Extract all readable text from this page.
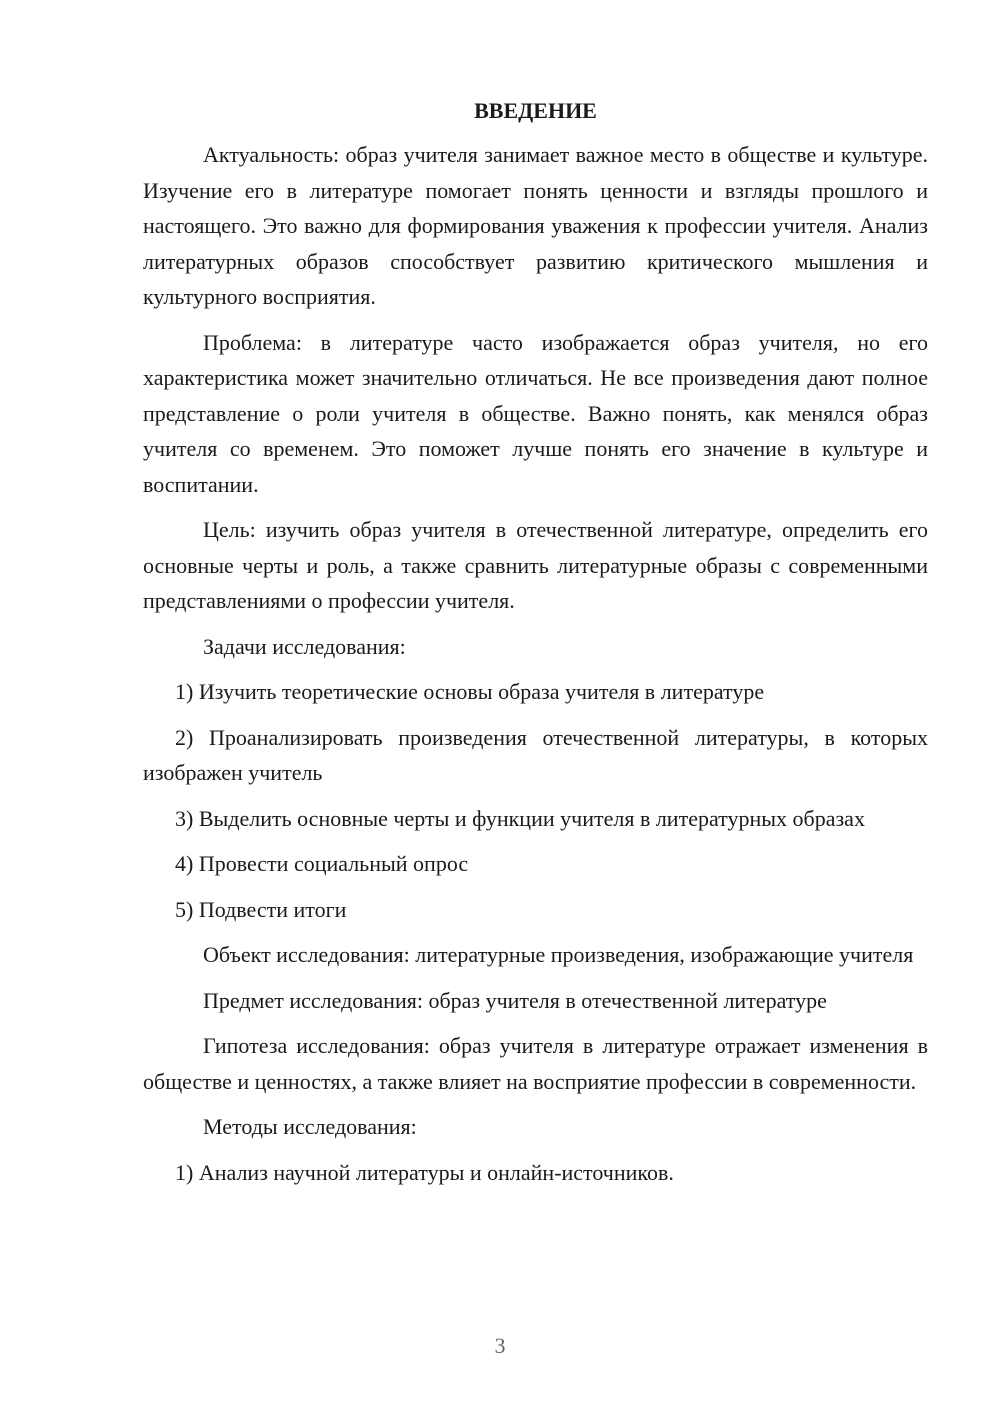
ВВЕДЕНИЕ

Актуальность: образ учителя занимает важное место в обществе и культуре. Изучение его в литературе помогает понять ценности и взгляды прошлого и настоящего. Это важно для формирования уважения к профессии учителя. Анализ литературных образов способствует развитию критического мышления и культурного восприятия.

Проблема: в литературе часто изображается образ учителя, но его характеристика может значительно отличаться. Не все произведения дают полное представление о роли учителя в обществе. Важно понять, как менялся образ учителя со временем. Это поможет лучше понять его значение в культуре и воспитании.

Цель: изучить образ учителя в отечественной литературе, определить его основные черты и роль, а также сравнить литературные образы с современными представлениями о профессии учителя.

Задачи исследования:

1) Изучить теоретические основы образа учителя в литературе

2) Проанализировать произведения отечественной литературы, в которых изображен учитель

3) Выделить основные черты и функции учителя в литературных образах

4) Провести социальный опрос

5) Подвести итоги

Объект исследования: литературные произведения, изображающие учителя

Предмет исследования: образ учителя в отечественной литературе

Гипотеза исследования: образ учителя в литературе отражает изменения в обществе и ценностях, а также влияет на восприятие профессии в современности.

Методы исследования:

1) Анализ научной литературы и онлайн-источников.

3
